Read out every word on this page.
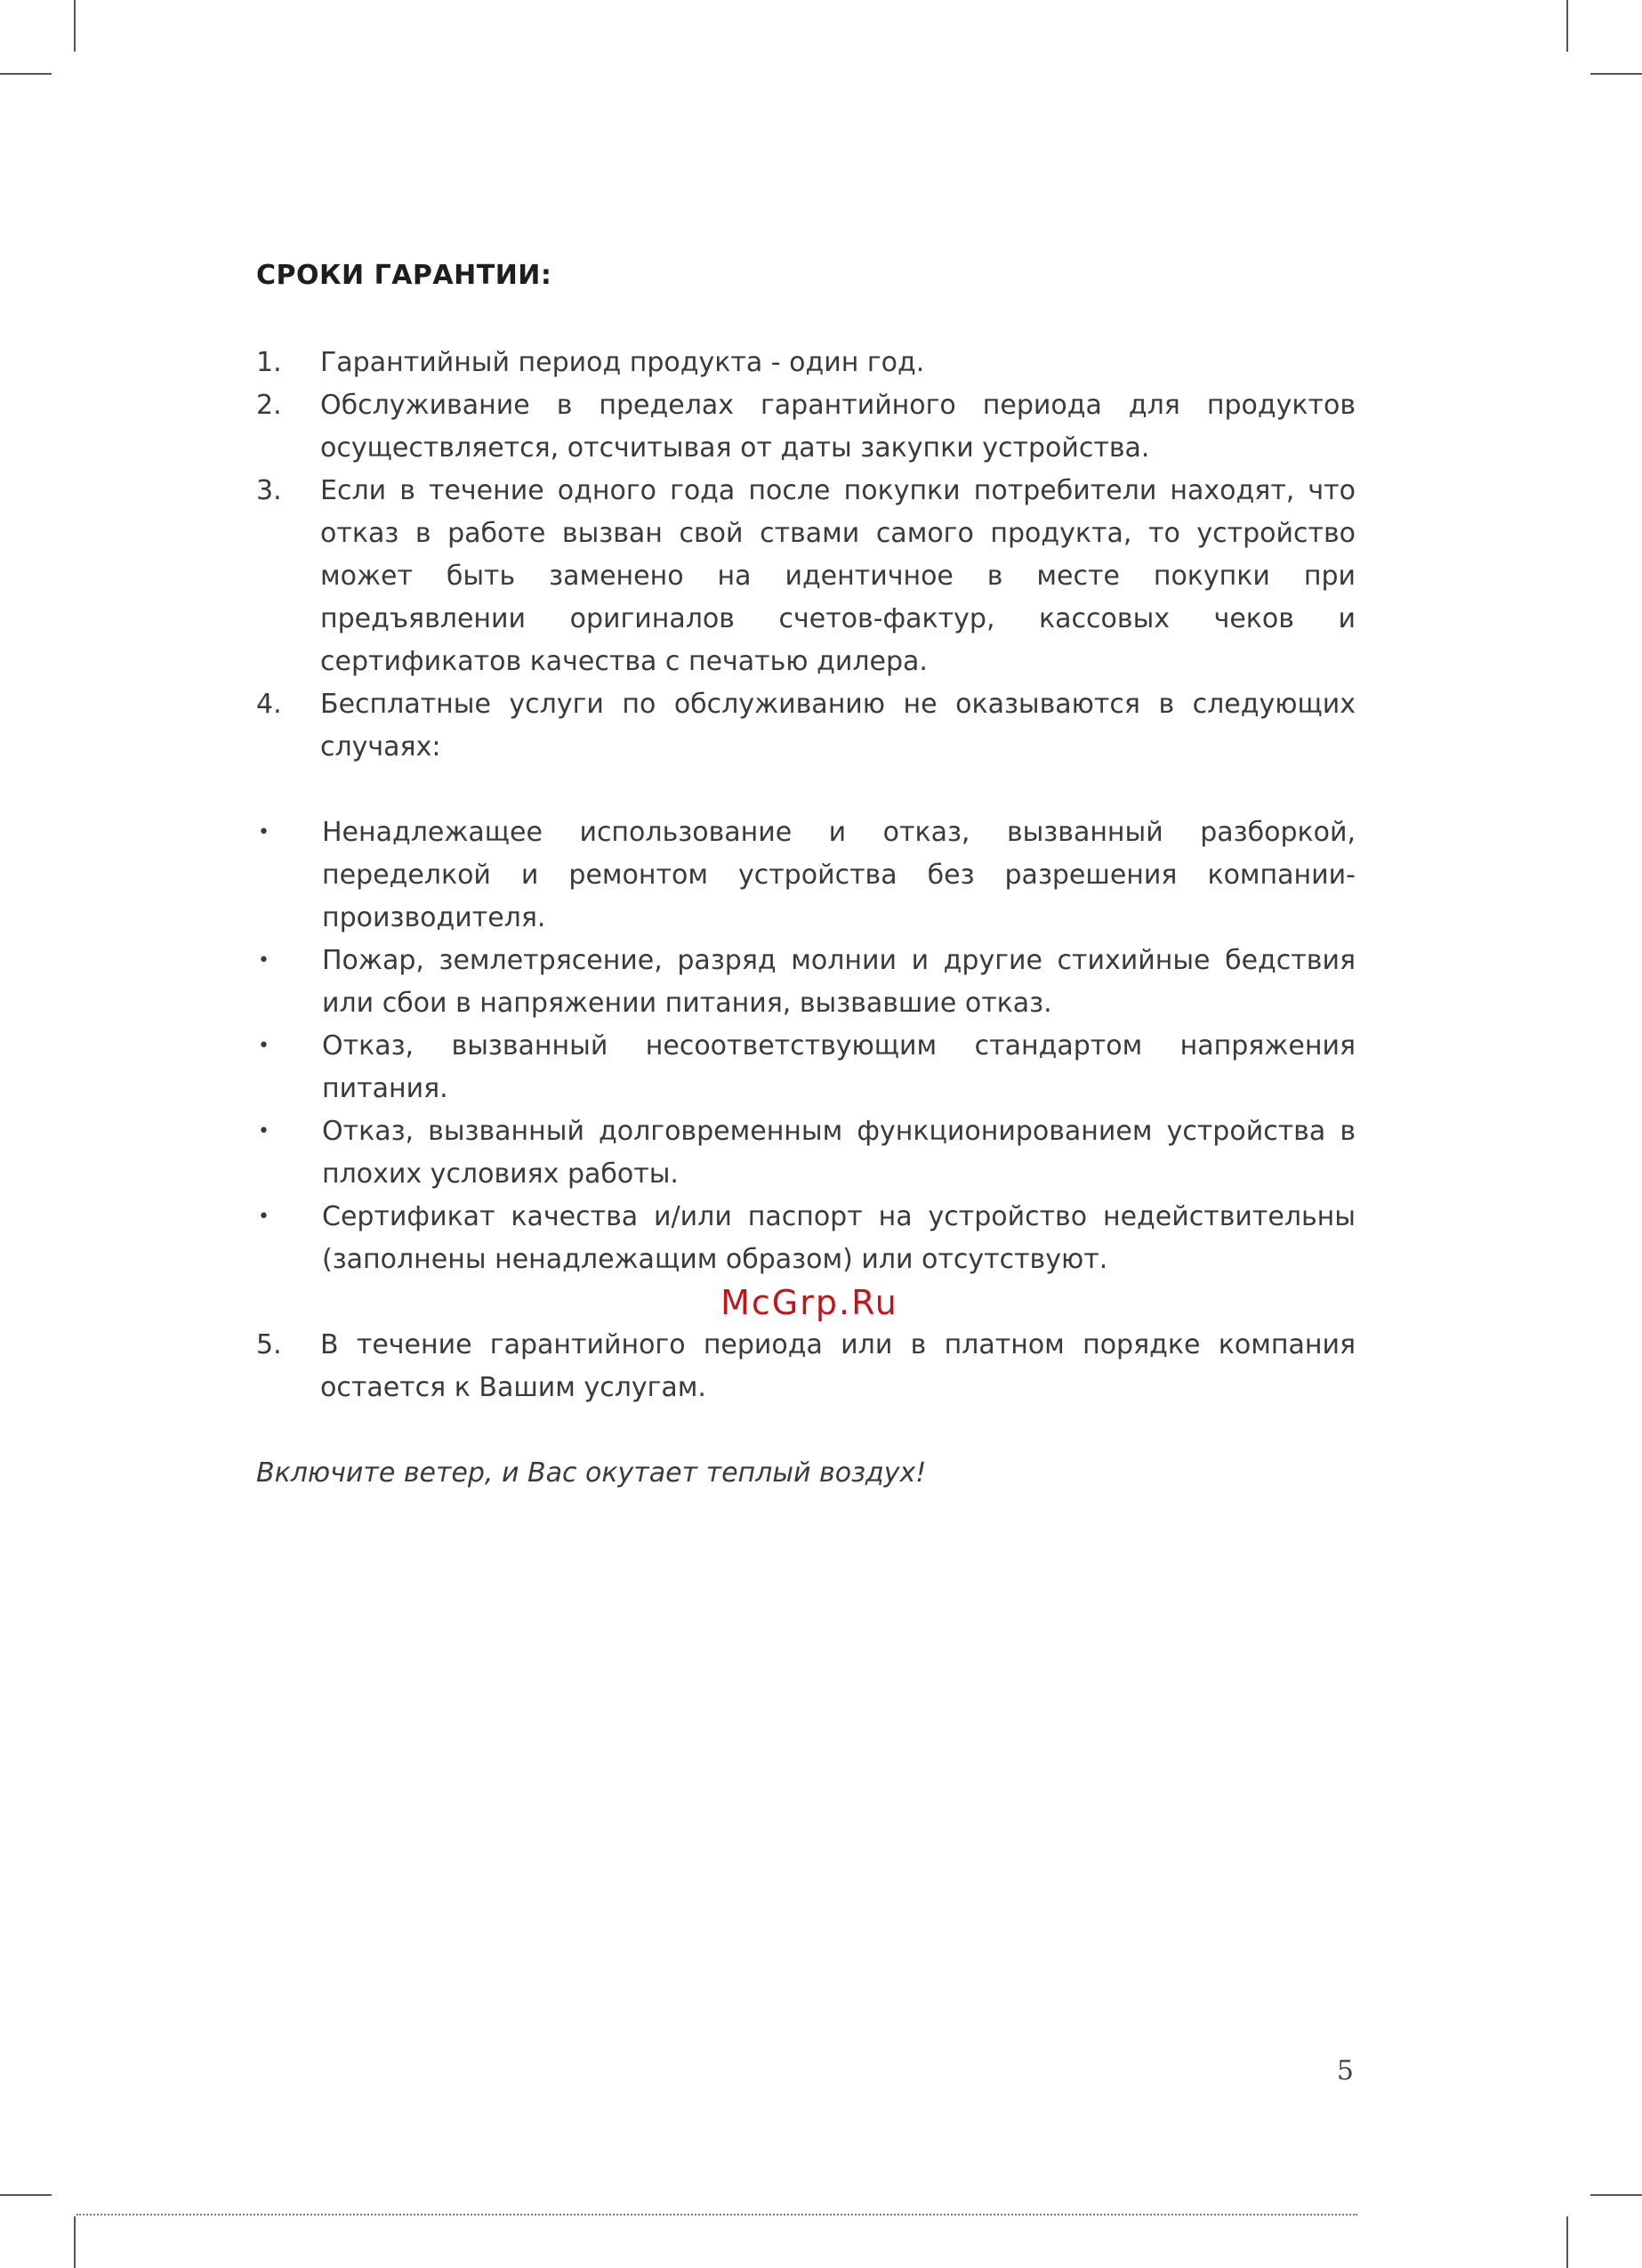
СРОКИ ГАРАНТИИ:
1.	Гарантийный период продукта - один год.
2.	Обслуживание в пределах гарантийного периода для продуктов осуществляется, отсчитывая от даты закупки устройства.
3.	Если в течение одного года после покупки потребители находят, что отказ в работе вызван свой ствами самого продукта, то устройство может быть заменено на идентичное в месте покупки при предъявлении оригиналов счетов-фактур, кассовых чеков и сертификатов качества с печатью дилера.
4.	Бесплатные услуги по обслуживанию не оказываются в следующих случаях:
•	Ненадлежащее использование и отказ, вызванный разборкой, переделкой и ремонтом устройства без разрешения компании-производителя.
•	Пожар, землетрясение, разряд молнии и другие стихийные бедствия или сбои в напряжении питания, вызвавшие отказ.
•	Отказ, вызванный несоответствующим стандартом напряжения питания.
•	Отказ, вызванный долговременным функционированием устройства в плохих условиях работы.
•	Сертификат качества и/или паспорт на устройство недействительны (заполнены ненадлежащим образом) или отсутствуют.
McGrp.Ru
5.	В течение гарантийного периода или в платном порядке компания остается к Вашим услугам.
Включите ветер, и Вас окутает теплый воздух!
5
